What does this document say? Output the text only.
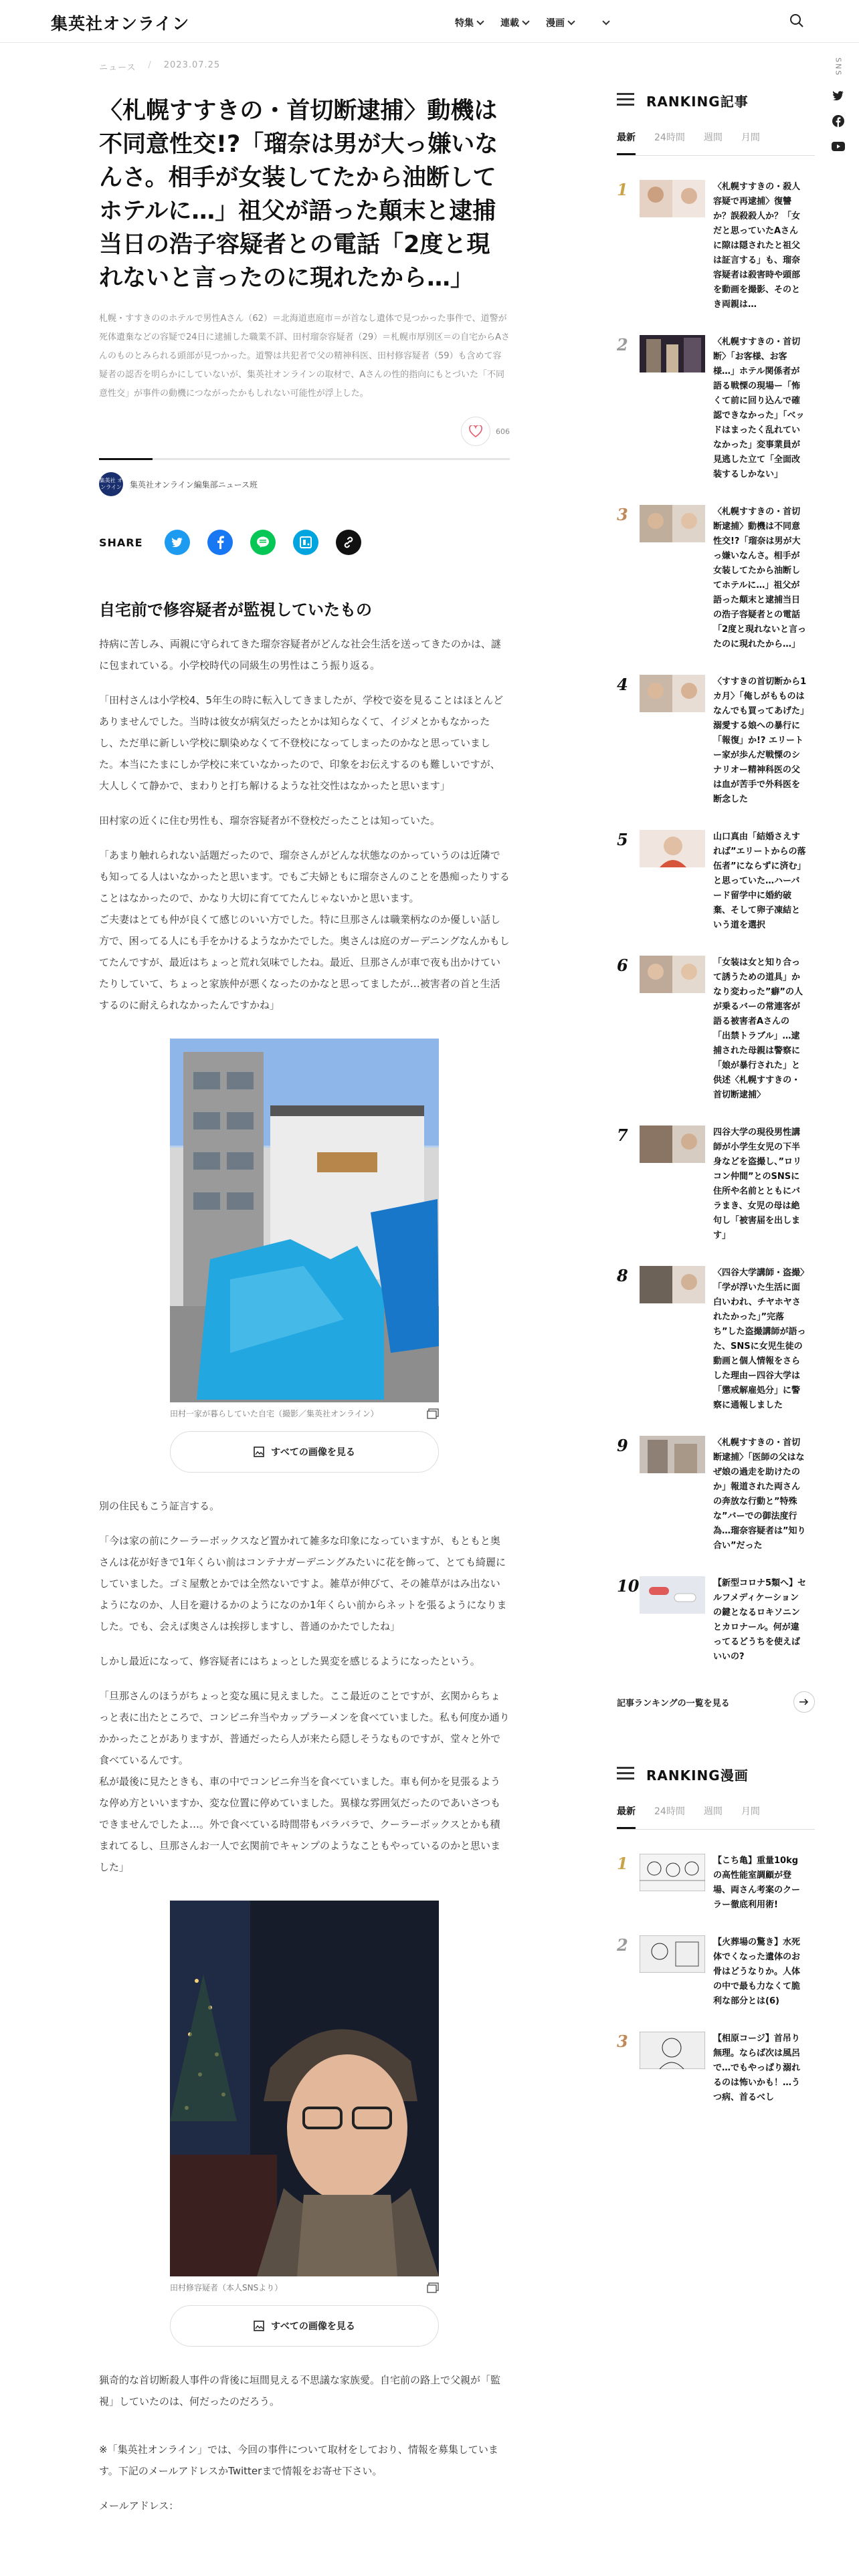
集英社オンライン	特集	連載	漫画
SNS
ニュース / 2023.07.25
〈札幌すすきの・首切断逮捕〉動機は不同意性交!?「瑠奈は男が大っ嫌いなんさ。相手が女装してたから油断してホテルに…」祖父が語った顛末と逮捕当日の浩子容疑者との電話「2度と現れないと言ったのに現れたから…」

札幌・すすきののホテルで男性Aさん（62）＝北海道恵庭市＝が首なし遺体で見つかった事件で、道警が死体遺棄などの容疑で24日に逮捕した職業不詳、田村瑠奈容疑者（29）＝札幌市厚別区＝の自宅からAさんのものとみられる頭部が見つかった。道警は共犯者で父の精神科医、田村修容疑者（59）も含めて容疑者の認否を明らかにしていないが、集英社オンラインの取材で、Aさんの性的指向にもとづいた「不同意性交」が事件の動機につながったかもしれない可能性が浮上した。

606
集英社 オンライン 集英社オンライン編集部ニュース班
SHARE
自宅前で修容疑者が監視していたもの

持病に苦しみ、両親に守られてきた瑠奈容疑者がどんな社会生活を送ってきたのかは、謎に包まれている。小学校時代の同級生の男性はこう振り返る。

「田村さんは小学校4、5年生の時に転入してきましたが、学校で姿を見ることはほとんどありませんでした。当時は彼女が病気だったとかは知らなくて、イジメとかもなかったし、ただ単に新しい学校に馴染めなくて不登校になってしまったのかなと思っていました。本当にたまにしか学校に来ていなかったので、印象をお伝えするのも難しいですが、大人しくて静かで、まわりと打ち解けるような社交性はなかったと思います」

田村家の近くに住む男性も、瑠奈容疑者が不登校だったことは知っていた。

「あまり触れられない話題だったので、瑠奈さんがどんな状態なのかっていうのは近隣でも知ってる人はいなかったと思います。でもご夫婦ともに瑠奈さんのことを愚痴ったりすることはなかったので、かなり大切に育ててたんじゃないかと思います。
ご夫妻はとても仲が良くて感じのいい方でした。特に旦那さんは職業柄なのか優しい話し方で、困ってる人にも手をかけるようなかたでした。奥さんは庭のガーデニングなんかもしてたんですが、最近はちょっと荒れ気味でしたね。最近、旦那さんが車で夜も出かけていたりしていて、ちょっと家族仲が悪くなったのかなと思ってましたが…被害者の首と生活するのに耐えられなかったんですかね」

田村一家が暮らしていた自宅（撮影／集英社オンライン）
すべての画像を見る

別の住民もこう証言する。

「今は家の前にクーラーボックスなど置かれて雑多な印象になっていますが、もともと奥さんは花が好きで1年くらい前はコンテナガーデニングみたいに花を飾って、とても綺麗にしていました。ゴミ屋敷とかでは全然ないですよ。雑草が伸びて、その雑草がはみ出ないようになのか、人目を避けるかのようになのか1年くらい前からネットを張るようになりました。でも、会えば奥さんは挨拶しますし、普通のかたでしたね」

しかし最近になって、修容疑者にはちょっとした異変を感じるようになったという。

「旦那さんのほうがちょっと変な風に見えました。ここ最近のことですが、玄関からちょっと表に出たところで、コンビニ弁当やカップラーメンを食べていました。私も何度か通りかかったことがありますが、普通だったら人が来たら隠しそうなものですが、堂々と外で食べているんです。
私が最後に見たときも、車の中でコンビニ弁当を食べていました。車も何かを見張るような停め方といいますか、変な位置に停めていました。異様な雰囲気だったのであいさつもできませんでしたよ…。外で食べている時間帯もバラバラで、クーラーボックスとかも積まれてるし、旦那さんお一人で玄関前でキャンプのようなこともやっているのかと思いました」

田村修容疑者（本人SNSより）
すべての画像を見る

猟奇的な首切断殺人事件の背後に垣間見える不思議な家族愛。自宅前の路上で父親が「監視」していたのは、何だったのだろう。

※「集英社オンライン」では、今回の事件について取材をしており、情報を募集しています。下記のメールアドレスかTwitterまで情報をお寄せ下さい。

メールアドレス：

RANKING記事
最新 24時間 週間 月間
1	〈札幌すすきの・殺人容疑で再逮捕〉復讐か？誤殺殺人か？「女だと思っていたAさんに隙は隠されたと祖父は証言する」も、瑠奈容疑者は殺害時や頭部を動画を撮影、そのとき両親は…
2	〈札幌すすきの・首切断〉「お客様、お客様…」ホテル関係者が語る戦慄の現場ー「怖くて前に回り込んで確認できなかった」「ベッドはまったく乱れていなかった」変事業員が見逃した立て「全面改装するしかない」
3	〈札幌すすきの・首切断逮捕〉動機は不同意性交!?「瑠奈は男が大っ嫌いなんさ。相手が女装してたから油断してホテルに…」祖父が語った顛末と逮捕当日の浩子容疑者との電話「2度と現れないと言ったのに現れたから…」
4	〈すすきの首切断から1カ月〉「俺しがもものはなんでも買ってあげた」溺愛する娘への暴行に「報復」か!? エリートー家が歩んだ戦慄のシナリオー精神科医の父は血が苦手で外科医を断念した
5	山口真由「結婚さえすれば”エリートからの落伍者”にならずに済む」と思っていた…ハーバード留学中に婚約破棄、そして卵子凍結という道を選択
6	「女装は女と知り合って誘うための道具」かなり変わった”癖”の人が乗るバーの常連客が語る被害者Aさんの「出禁トラブル」…逮捕された母親は警察に「娘が暴行された」と供述〈札幌すすきの・首切断逮捕〉
7	四谷大学の現役男性講師が小学生女児の下半身などを盗撮し、”ロリコン仲間”とのSNSに住所や名前とともにバラまき、女児の母は絶句し「被害届を出します」
8	〈四谷大学講師・盗撮〉「学が浮いた生活に面白いわれ、チヤホヤされたかった」”完落ち”した盗撮講師が語った、SNSに女児生徒の動画と個人情報をさらした理由ー四谷大学は「懲戒解雇処分」に警察に通報しました
9	〈札幌すすきの・首切断逮捕〉「医師の父はなぜ娘の過走を助けたのか」報道された両さんの奔放な行動と”特殊な”バーでの御法度行為…瑠奈容疑者は”知り合い”だった
10	【新型コロナ5類へ】セルフメディケーションの鍵となるロキソニンとカロナール。何が違ってるどうちを使えばいいの?
記事ランキングの一覧を見る
RANKING漫画
最新 24時間 週間 月間
1	【こち亀】重量10kgの高性能室調顧が登場、両さん考案のクーラー徹底利用術!
2	【火葬場の驚き】水死体でくなった遺体のお骨はどうなりか。人体の中で最も力なくて脆利な部分とは(6)
3	【相原コージ】首吊り無理。ならば次は風呂で…でもやっぱり溺れるのは怖いかも！…うつ病、首るべし
